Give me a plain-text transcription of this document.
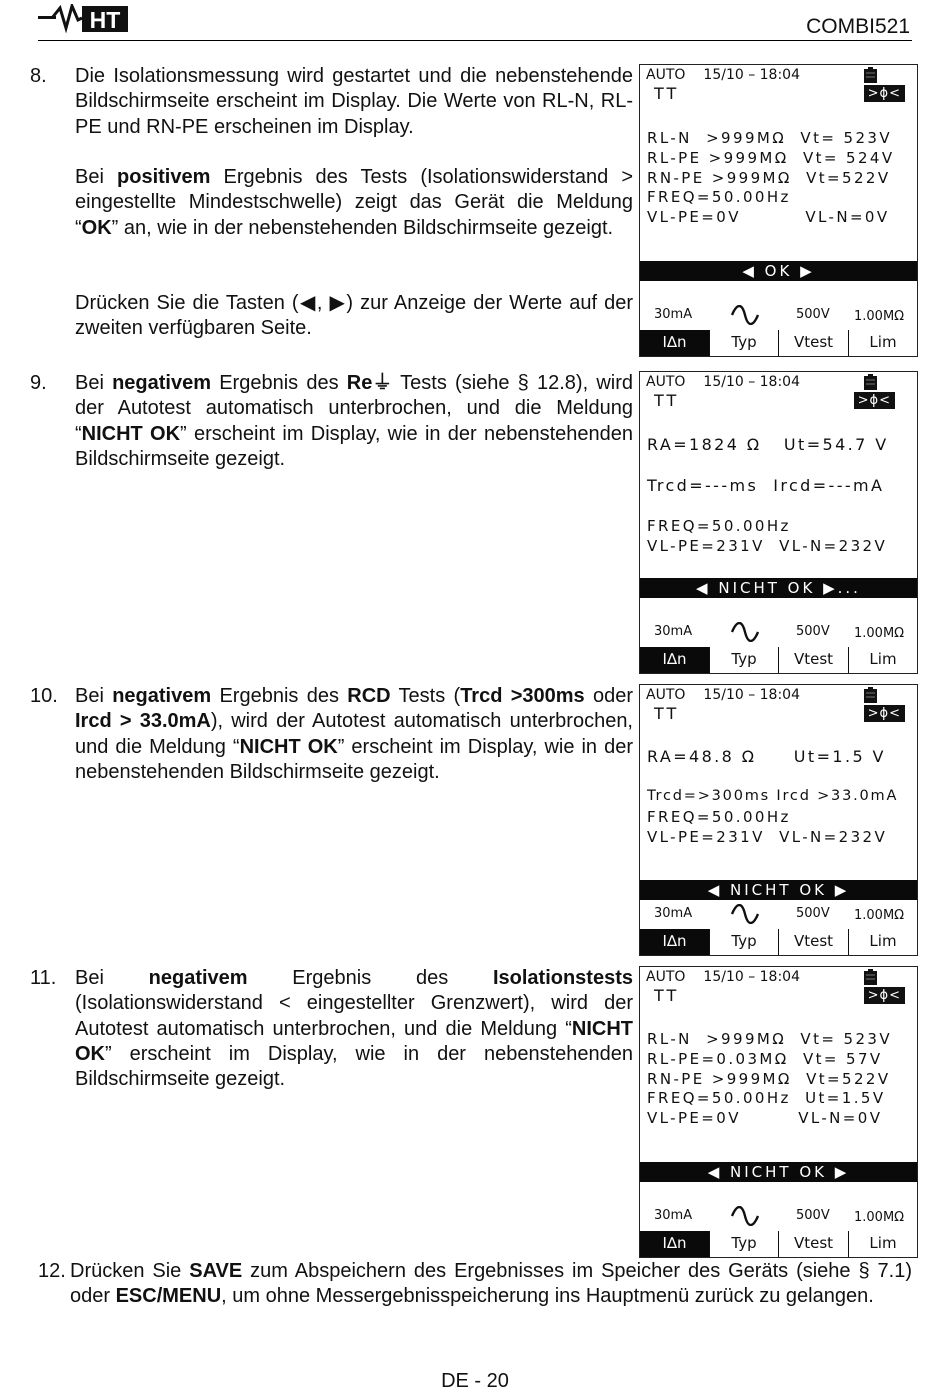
HT	COMBI521
8. Die Isolationsmessung wird gestartet und die nebenstehende Bildschirmseite erscheint im Display. Die Werte von RL-N, RL-PE und RN-PE erscheinen im Display.
Bei positivem Ergebnis des Tests (Isolationswiderstand > eingestellte Mindestschwelle) zeigt das Gerät die Meldung “OK” an, wie in der nebenstehenden Bildschirmseite gezeigt.
Drücken Sie die Tasten (◀, ▶) zur Anzeige der Werte auf der zweiten verfügbaren Seite.
9. Bei negativem Ergebnis des Re⏚ Tests (siehe § 12.8), wird der Autotest automatisch unterbrochen, und die Meldung “NICHT OK” erscheint im Display, wie in der nebenstehenden Bildschirmseite gezeigt.
10. Bei negativem Ergebnis des RCD Tests (Trcd >300ms oder Ircd > 33.0mA), wird der Autotest automatisch unterbrochen, und die Meldung “NICHT OK” erscheint im Display, wie in der nebenstehenden Bildschirmseite gezeigt.
11. Bei negativem Ergebnis des Isolationstests (Isolationswiderstand < eingestellter Grenzwert), wird der Autotest automatisch unterbrochen, und die Meldung “NICHT OK” erscheint im Display, wie in der nebenstehenden Bildschirmseite gezeigt.
12. Drücken Sie SAVE zum Abspeichern des Ergebnisses im Speicher des Geräts (siehe § 7.1) oder ESC/MENU, um ohne Messergebnisspeicherung ins Hauptmenü zurück zu gelangen.
AUTO 15/10 – 18:04
TT	>ϕ<
RL-N  >999MΩ  Vt= 523V
RL-PE >999MΩ  Vt= 524V
RN-PE >999MΩ  Vt=522V
FREQ=50.00Hz
VL-PE=0V         VL-N=0V
◀ OK ▶
30mA	500V 1.00MΩ
I∆n	Typ	Vtest	Lim
AUTO 15/10 – 18:04
TT	>ϕ<
RA=1824 Ω   Ut=54.7 V
Trcd=---ms  Ircd=---mA
FREQ=50.00Hz
VL-PE=231V  VL-N=232V
◀ NICHT OK ▶...
30mA	500V 1.00MΩ
I∆n	Typ	Vtest	Lim
AUTO 15/10 – 18:04
TT	>ϕ<
RA=48.8 Ω     Ut=1.5 V
Trcd=>300ms Ircd >33.0mA
FREQ=50.00Hz
VL-PE=231V  VL-N=232V
◀ NICHT OK ▶
30mA	500V 1.00MΩ
I∆n	Typ	Vtest	Lim
AUTO 15/10 – 18:04
TT	>ϕ<
RL-N  >999MΩ  Vt= 523V
RL-PE=0.03MΩ  Vt= 57V
RN-PE >999MΩ  Vt=522V
FREQ=50.00Hz  Ut=1.5V
VL-PE=0V        VL-N=0V
◀ NICHT OK ▶
30mA	500V 1.00MΩ
I∆n	Typ	Vtest	Lim
DE - 20
